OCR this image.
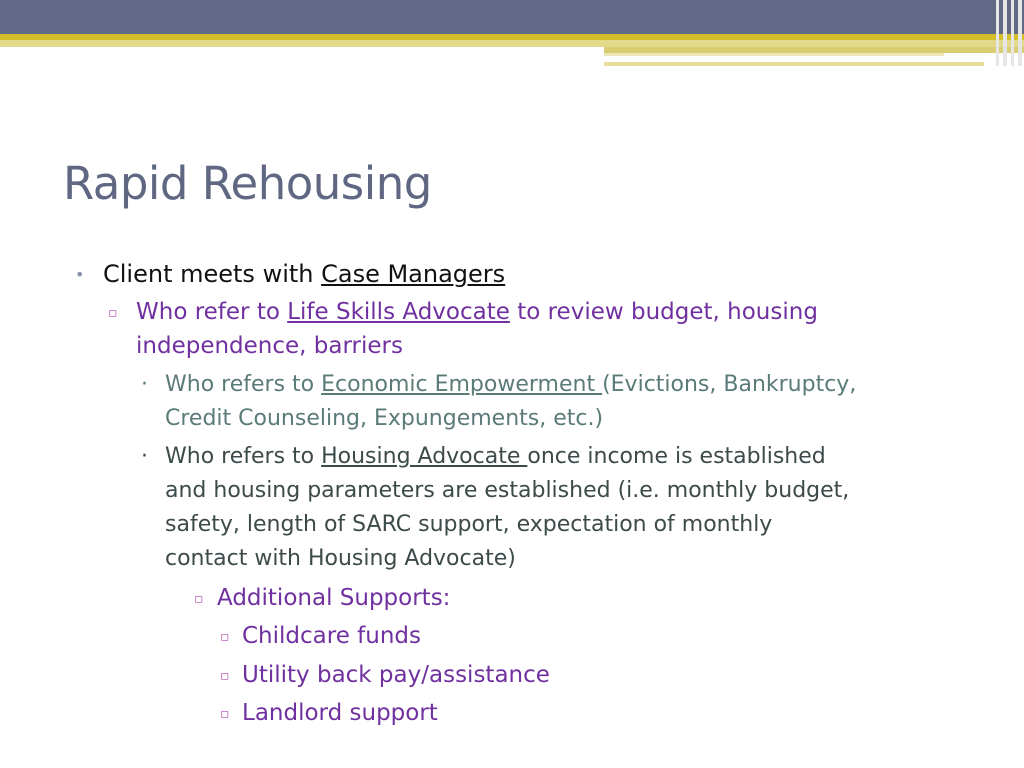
Rapid Rehousing
• Client meets with Case Managers
▫ Who refer to Life Skills Advocate to review budget, housing
independence, barriers
· Who refers to Economic Empowerment (Evictions, Bankruptcy,
Credit Counseling, Expungements, etc.)
· Who refers to Housing Advocate once income is established
and housing parameters are established (i.e. monthly budget,
safety, length of SARC support, expectation of monthly
contact with Housing Advocate)
▫ Additional Supports:
▫ Childcare funds
▫ Utility back pay/assistance
▫ Landlord support
